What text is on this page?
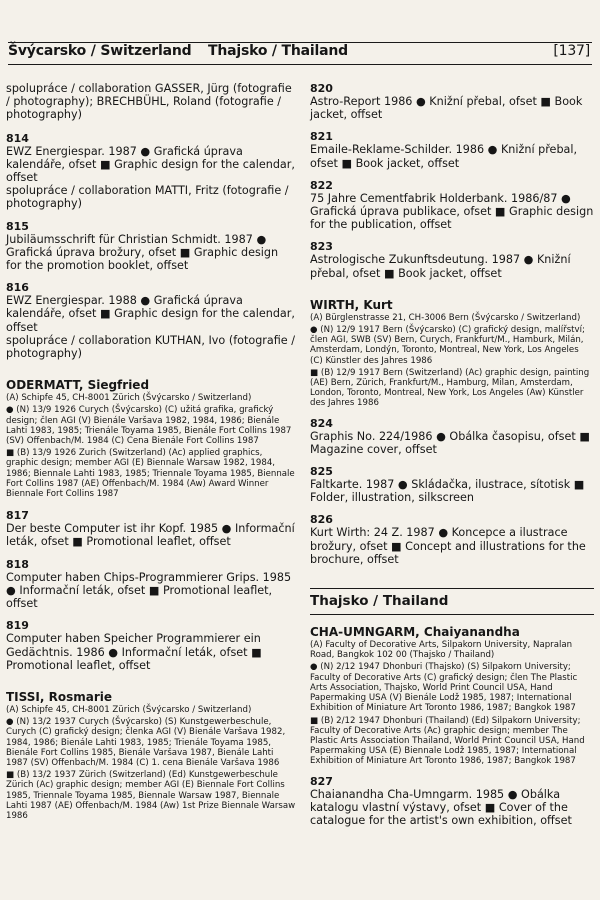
Švýcarsko / Switzerland Thajsko / Thailand	[137]

spolupráce / collaboration GASSER, Jürg (fotografie / photography); BRECHBÜHL, Roland (fotografie / photography)

814

EWZ Energiespar. 1987 ● Grafická úprava kalendáře, ofset ■ Graphic design for the calendar, offset

spolupráce / collaboration MATTI, Fritz (fotografie / photography)

815

Jubiläumsschrift für Christian Schmidt. 1987 ● Grafická úprava brožury, ofset ■ Graphic design for the promotion booklet, offset

816

EWZ Energiespar. 1988 ● Grafická úprava kalendáře, ofset ■ Graphic design for the calendar, offset

spolupráce / collaboration KUTHAN, Ivo (fotografie / photography)

ODERMATT, Siegfried

(A) Schipfe 45, CH-8001 Zürich (Švýcarsko / Switzerland)

● (N) 13/9 1926 Curych (Švýcarsko) (C) užitá grafika, grafický design; člen AGI (V) Bienále Varšava 1982, 1984, 1986; Bienále Lahti 1983, 1985; Trienále Toyama 1985, Bienále Fort Collins 1987 (SV) Offenbach/M. 1984 (C) Cena Bienále Fort Collins 1987

■ (B) 13/9 1926 Zurich (Switzerland) (Ac) applied graphics, graphic design; member AGI (E) Biennale Warsaw 1982, 1984, 1986; Biennale Lahti 1983, 1985; Triennale Toyama 1985, Biennale Fort Collins 1987 (AE) Offenbach/M. 1984 (Aw) Award Winner Biennale Fort Collins 1987

817

Der beste Computer ist ihr Kopf. 1985 ● Informační leták, ofset ■ Promotional leaflet, offset

818

Computer haben Chips-Programmierer Grips. 1985 ● Informační leták, ofset ■ Promotional leaflet, offset

819

Computer haben Speicher Programmierer ein Gedächtnis. 1986 ● Informační leták, ofset ■ Promotional leaflet, offset

TISSI, Rosmarie

(A) Schipfe 45, CH-8001 Zürich (Švýcarsko / Switzerland)

● (N) 13/2 1937 Curych (Švýcarsko) (S) Kunstgewerbeschule, Curych (C) grafický design; členka AGI (V) Bienále Varšava 1982, 1984, 1986; Bienále Lahti 1983, 1985; Trienále Toyama 1985, Bienále Fort Collins 1985, Bienále Varšava 1987, Bienále Lahti 1987 (SV) Offenbach/M. 1984 (C) 1. cena Bienále Varšava 1986

■ (B) 13/2 1937 Zürich (Switzerland) (Ed) Kunstgewerbeschule Zürich (Ac) graphic design; member AGI (E) Biennale Fort Collins 1985, Triennale Toyama 1985, Biennale Warsaw 1987, Biennale Lahti 1987 (AE) Offenbach/M. 1984 (Aw) 1st Prize Biennale Warsaw 1986

820

Astro-Report 1986 ● Knižní přebal, ofset ■ Book jacket, offset

821

Emaile-Reklame-Schilder. 1986 ● Knižní přebal, ofset ■ Book jacket, offset

822

75 Jahre Cementfabrik Holderbank. 1986/87 ● Grafická úprava publikace, ofset ■ Graphic design for the publication, offset

823

Astrologische Zukunftsdeutung. 1987 ● Knižní přebal, ofset ■ Book jacket, offset

WIRTH, Kurt

(A) Bürglenstrasse 21, CH-3006 Bern (Švýcarsko / Switzerland)

● (N) 12/9 1917 Bern (Švýcarsko) (C) grafický design, malířství; člen AGI, SWB (SV) Bern, Curych, Frankfurt/M., Hamburk, Milán, Amsterdam, Londýn, Toronto, Montreal, New York, Los Angeles (C) Künstler des Jahres 1986

■ (B) 12/9 1917 Bern (Switzerland) (Ac) graphic design, painting (AE) Bern, Zürich, Frankfurt/M., Hamburg, Milan, Amsterdam, London, Toronto, Montreal, New York, Los Angeles (Aw) Künstler des Jahres 1986

824

Graphis No. 224/1986 ● Obálka časopisu, ofset ■ Magazine cover, offset

825

Faltkarte. 1987 ● Skládačka, ilustrace, sítotisk ■ Folder, illustration, silkscreen

826

Kurt Wirth: 24 Z. 1987 ● Koncepce a ilustrace brožury, ofset ■ Concept and illustrations for the brochure, offset

Thajsko / Thailand
CHA-UMNGARM, Chaiyanandha

(A) Faculty of Decorative Arts, Silpakorn University, Napralan Road, Bangkok 102 00 (Thajsko / Thailand)

● (N) 2/12 1947 Dhonburi (Thajsko) (S) Silpakorn University; Faculty of Decorative Arts (C) grafický design; člen The Plastic Arts Association, Thajsko, World Print Council USA, Hand Papermaking USA (V) Bienále Lodž 1985, 1987; International Exhibition of Miniature Art Toronto 1986, 1987; Bangkok 1987

■ (B) 2/12 1947 Dhonburi (Thailand) (Ed) Silpakorn University; Faculty of Decorative Arts (Ac) graphic design; member The Plastic Arts Association Thailand, World Print Council USA, Hand Papermaking USA (E) Biennale Lodž 1985, 1987; International Exhibition of Miniature Art Toronto 1986, 1987; Bangkok 1987

827

Chaianandha Cha-Umngarm. 1985 ● Obálka katalogu vlastní výstavy, ofset ■ Cover of the catalogue for the artist's own exhibition, offset
